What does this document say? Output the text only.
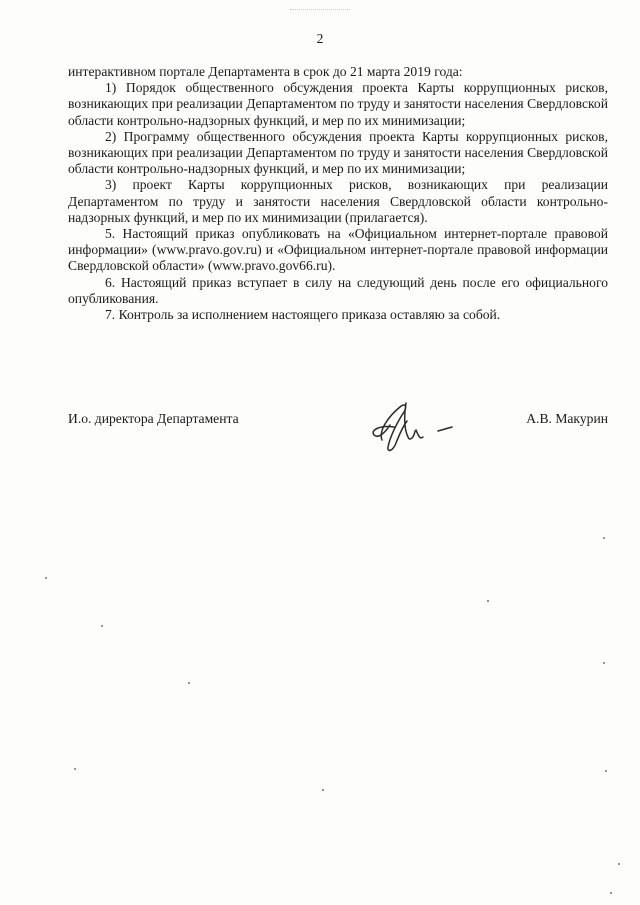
2

интерактивном портале Департамента в срок до 21 марта 2019 года:

1) Порядок общественного обсуждения проекта Карты коррупционных рисков, возникающих при реализации Департаментом по труду и занятости населения Свердловской области контрольно-надзорных функций, и мер по их минимизации;

2) Программу общественного обсуждения проекта Карты коррупционных рисков, возникающих при реализации Департаментом по труду и занятости населения Свердловской области контрольно-надзорных функций, и мер по их минимизации;

3) проект Карты коррупционных рисков, возникающих при реализации Департаментом по труду и занятости населения Свердловской области контрольно-надзорных функций, и мер по их минимизации (прилагается).

5. Настоящий приказ опубликовать на «Официальном интернет-портале правовой информации» (www.pravo.gov.ru) и «Официальном интернет-портале правовой информации Свердловской области» (www.pravo.gov66.ru).

6. Настоящий приказ вступает в силу на следующий день после его официального опубликования.

7. Контроль за исполнением настоящего приказа оставляю за собой.

И.о. директора Департамента	А.В. Макурин
